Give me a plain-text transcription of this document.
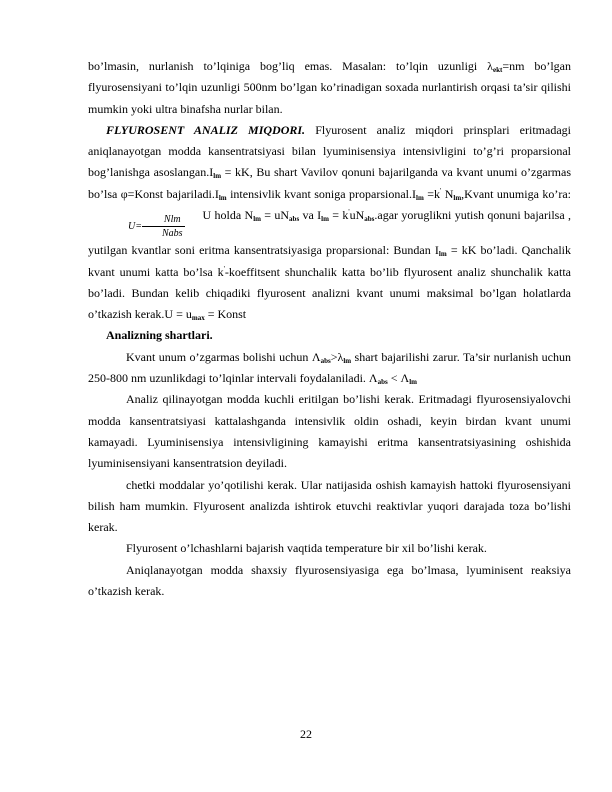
bo’lmasin, nurlanish to’lqiniga bog’liq emas. Masalan: to’lqin uzunligi $\lambda_{ekt}=nm$ bo’lgan flyurosensiyani to’lqin uzunligi 500nm bo’lgan ko’rinadigan soxada nurlantirish orqasi ta’sir qilishi mumkin yoki ultra binafsha nurlar bilan.

FLYUROSENT ANALIZ MIQDORI. Flyurosent analiz miqdori prinsplari eritmadagi aniqlanayotgan modda kansentratsiyasi bilan lyuminisensiya intensivligini to’g’ri proparsional bog’lanishga $asoslangan.I_{lm}$ = kK, Bu shart Vavilov qonuni bajarilganda va kvant unumi o’zgarmas bo’lsa φ=Konst $bajariladi.I_{lm}$ intensivlik kvant soniga $proparsional.I_{lm} =k'$ $N_{lm},Kvant$ unumiga ko’ra:U= $\frac{\text{Nlm}}{\text{Nabs}}$ U holda $N_{lm} = uN_{abs}$ va $I_{lm}$ = $k'uN_{abs}.agar$ yoruglikni yutish qonuni bajarilsa , yutilgan kvantlar soni eritma kansentratsiyasiga proparsional: Bundan $I_{lm}$ = kK bo’ladi. Qanchalik kvant unumi katta bo’lsa k'-koeffitsent shunchalik katta bo’lib flyurosent analiz shunchalik katta bo’ladi. Bundan kelib chiqadiki flyurosent analizni kvant unumi maksimal bo’lgan holatlarda o’tkazish kerak.U = $u_{max}$ = Konst

Analizning shartlari.

Kvant unum o’zgarmas bolishi uchun $\Lambda_{abs}>\lambda_{lm}$ shart bajarilishi zarur. Ta’sir nurlanish uchun 250-800 nm uzunlikdagi to’lqinlar intervali foydalaniladi. $\Lambda_{abs} < \Lambda_{lm}$

Analiz qilinayotgan modda kuchli eritilgan bo’lishi kerak. Eritmadagi flyurosensiyalovchi modda kansentratsiyasi kattalashganda intensivlik oldin oshadi, keyin birdan kvant unumi kamayadi. Lyuminisensiya intensivligining kamayishi eritma kansentratsiyasining oshishida lyuminisensiyani kansentratsion deyiladi.

chetki moddalar yo’qotilishi kerak. Ular natijasida oshish kamayish hattoki flyurosensiyani bilish ham mumkin. Flyurosent analizda ishtirok etuvchi reaktivlar yuqori darajada toza bo’lishi kerak.

Flyurosent o’lchashlarni bajarish vaqtida temperature bir xil bo’lishi kerak.

Aniqlanayotgan modda shaxsiy flyurosensiyasiga ega bo’lmasa, lyuminisent reaksiya o’tkazish kerak.

22
